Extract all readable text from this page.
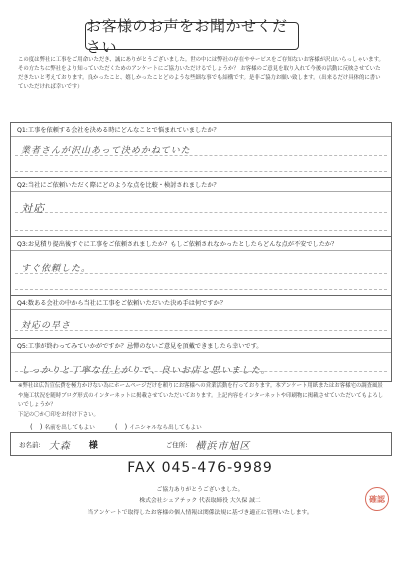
お客様のお声をお聞かせください
この度は弊社に工事をご用命いただき、誠にありがとうございました。世の中には弊社の存在やサービスをご存知ないお客様が沢山いらっしゃいます。その方たちに弊社をより知っていただくためのアンケートにご協力いただけるでしょうか？ お客様のご意見を取り入れて今後の活動に反映させていただきたいと考えております。良かったこと、嬉しかったことどのような些細な事でも結構です。是非ご協力お願い致します。（出来るだけ具体的に書いていただければ幸いです）
Q1:工事を依頼する会社を決める時にどんなことで悩まれていましたか？
業者さんが沢山あって決めかねていた
Q2:当社にご依頼いただく際にどのような点を比較・検討されましたか？
対応
Q3:お見積り提出後すぐに工事をご依頼されましたか？もしご依頼されなかったとしたらどんな点が不安でしたか？
すぐ依頼した。
Q4:数ある会社の中から当社に工事をご依頼いただいた決め手は何ですか？
対応の早さ
Q5:工事が終わってみていかがですか？忌憚のないご意見を頂戴できましたら幸いです。
しっかりと丁寧な仕上がりで、良いお店と思いました。
※弊社は広告宣伝費を極力かけない為にホームページだけを頼りにお客様への営業活動を行っております。本アンケート用紙またはお客様宅の調査風景や施工状況を随時ブログ形式のインターネットに掲載させていただいております。上記内容をインターネットや印刷物に掲載させていただいてもよろしいでしょうか？
下記の〇か〇印をお付け下さい。
(　) 名前を出してもよい	(　) イニシャルなら出してもよい
お名前: 大森 様	ご住所: 横浜市旭区
FAX 045-476-9989
ご協力ありがとうございました。
株式会社シェアテック 代表取締役 大久保 誠二
当アンケートで取得したお客様の個人情報は関係法規に基づき適正に管理いたします。
確認
